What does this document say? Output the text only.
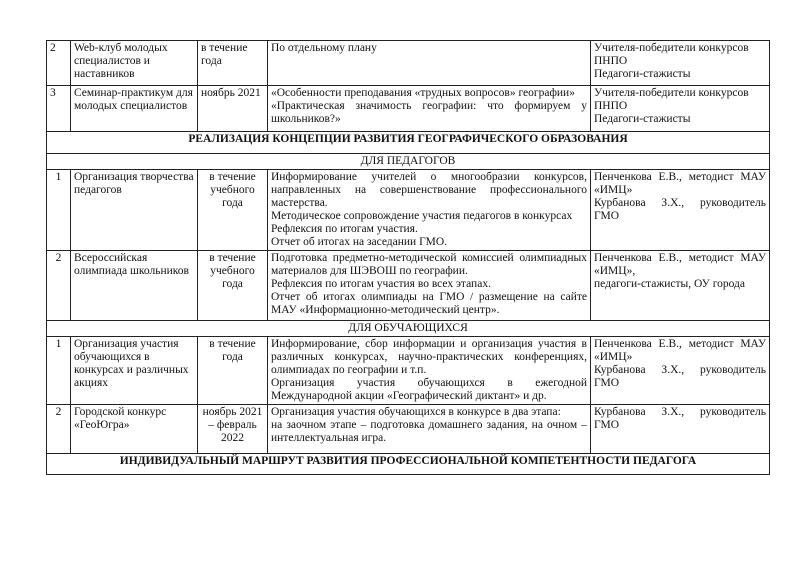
2	Web-клуб молодых специалистов и наставников	в течение года	По отдельному плану	Учителя-победители конкурсов ПНПО
Педагоги-стажисты

3	Семинар-практикум для молодых специалистов	ноябрь 2021	«Особенности преподавания «трудных вопросов» географии»
«Практическая значимость географии: что формируем у школьников?»	Учителя-победители конкурсов ПНПО
Педагоги-стажисты

РЕАЛИЗАЦИЯ КОНЦЕПЦИИ РАЗВИТИЯ ГЕОГРАФИЧЕСКОГО ОБРАЗОВАНИЯ				
ДЛЯ ПЕДАГОГОВ				
1	Организация творчества педагогов	в течение учебного года	Информирование учителей о многообразии конкурсов, направленных на совершенствование профессионального мастерства.
Методическое сопровождение участия педагогов в конкурсах
Рефлексия по итогам участия.
Отчет об итогах на заседании ГМО.	Пенченкова Е.В., методист МАУ «ИМЦ»
Курбанова З.Х., руководитель ГМО

2	Всероссийская олимпиада школьников	в течение учебного года	Подготовка предметно-методической комиссией олимпиадных материалов для ШЭВОШ по географии.
Рефлексия по итогам участия во всех этапах.
Отчет об итогах олимпиады на ГМО / размещение на сайте МАУ «Информационно-методический центр».	Пенченкова Е.В., методист МАУ «ИМЦ»,
педагоги-стажисты, ОУ города

ДЛЯ ОБУЧАЮЩИХСЯ				
1	Организация участия обучающихся в конкурсах и различных акциях	в течение года	Информирование, сбор информации и организация участия в различных конкурсах, научно-практических конференциях, олимпиадах по географии и т.п.
Организация участия обучающихся в ежегодной Международной акции «Географический диктант» и др.	Пенченкова Е.В., методист МАУ «ИМЦ»
Курбанова З.Х., руководитель ГМО

2	Городской конкурс «ГеоЮгра»	ноябрь 2021 – февраль 2022	Организация участия обучающихся в конкурсе в два этапа:
на заочном этапе – подготовка домашнего задания, на очном – интеллектуальная игра.	Курбанова З.Х., руководитель ГМО

ИНДИВИДУАЛЬНЫЙ МАРШРУТ РАЗВИТИЯ ПРОФЕССИОНАЛЬНОЙ КОМПЕТЕНТНОСТИ ПЕДАГОГА				
